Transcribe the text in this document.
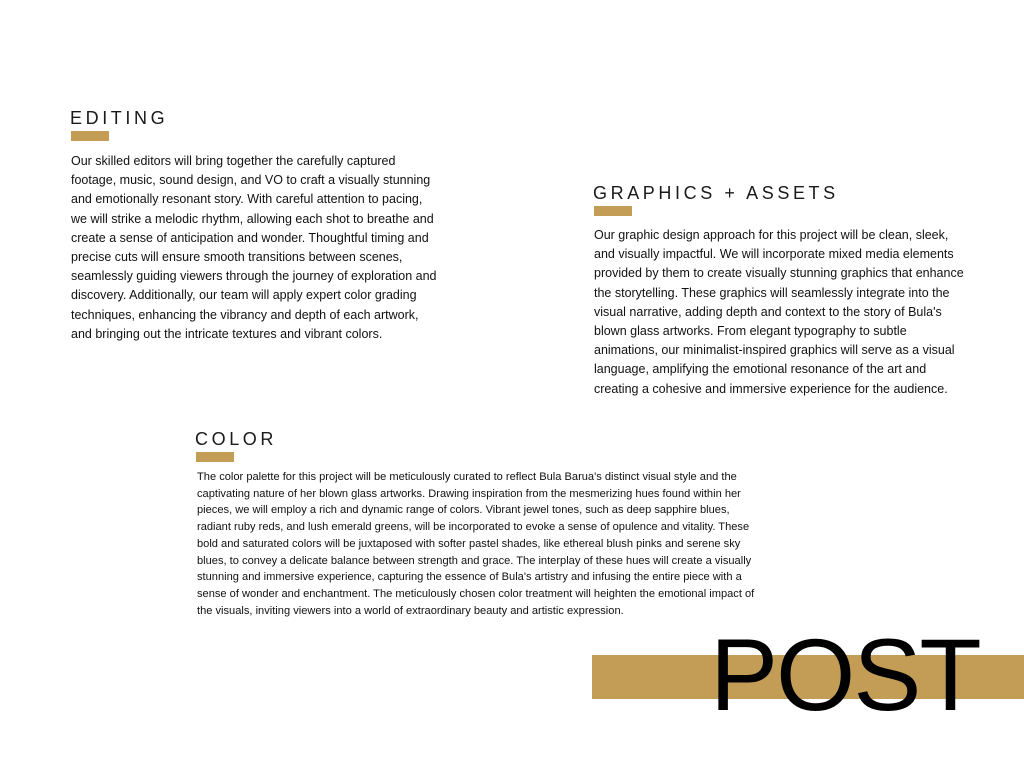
EDITING

Our skilled editors will bring together the carefully captured footage, music, sound design, and VO to craft a visually stunning and emotionally resonant story. With careful attention to pacing, we will strike a melodic rhythm, allowing each shot to breathe and create a sense of anticipation and wonder. Thoughtful timing and precise cuts will ensure smooth transitions between scenes, seamlessly guiding viewers through the journey of exploration and discovery. Additionally, our team will apply expert color grading techniques, enhancing the vibrancy and depth of each artwork, and bringing out the intricate textures and vibrant colors.

GRAPHICS + ASSETS

Our graphic design approach for this project will be clean, sleek, and visually impactful. We will incorporate mixed media elements provided by them to create visually stunning graphics that enhance the storytelling. These graphics will seamlessly integrate into the visual narrative, adding depth and context to the story of Bula's blown glass artworks. From elegant typography to subtle animations, our minimalist-inspired graphics will serve as a visual language, amplifying the emotional resonance of the art and creating a cohesive and immersive experience for the audience.

COLOR

The color palette for this project will be meticulously curated to reflect Bula Barua's distinct visual style and the captivating nature of her blown glass artworks. Drawing inspiration from the mesmerizing hues found within her pieces, we will employ a rich and dynamic range of colors. Vibrant jewel tones, such as deep sapphire blues, radiant ruby reds, and lush emerald greens, will be incorporated to evoke a sense of opulence and vitality. These bold and saturated colors will be juxtaposed with softer pastel shades, like ethereal blush pinks and serene sky blues, to convey a delicate balance between strength and grace. The interplay of these hues will create a visually stunning and immersive experience, capturing the essence of Bula's artistry and infusing the entire piece with a sense of wonder and enchantment. The meticulously chosen color treatment will heighten the emotional impact of the visuals, inviting viewers into a world of extraordinary beauty and artistic expression.

POST
